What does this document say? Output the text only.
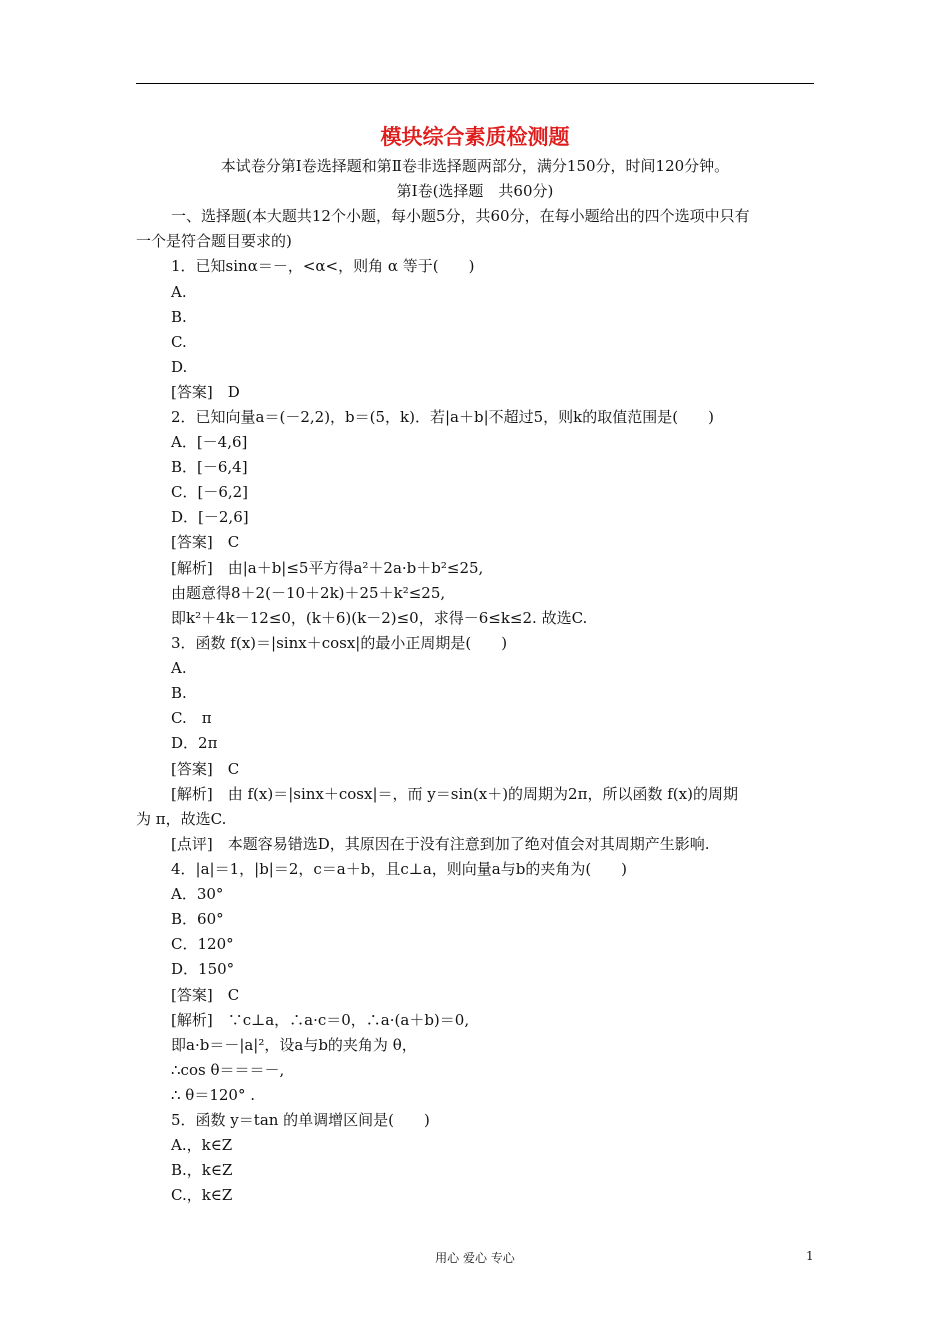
模块综合素质检测题
本试卷分第Ⅰ卷选择题和第Ⅱ卷非选择题两部分，满分150分，时间120分钟。
第Ⅰ卷(选择题　共60分)
一、选择题(本大题共12个小题，每小题5分，共60分，在每小题给出的四个选项中只有
一个是符合题目要求的)
1．已知sinα＝－，<α<，则角 α 等于(　　)
A.
B.
C.
D.
[答案]　D
2．已知向量a＝(－2,2)，b＝(5，k)．若|a＋b|不超过5，则k的取值范围是(　　)
A．[－4,6]
B．[－6,4]
C．[－6,2]
D．[－2,6]
[答案]　C
[解析]　由|a＋b|≤5平方得a²＋2a·b＋b²≤25,
由题意得8＋2(－10＋2k)＋25＋k²≤25,
即k²＋4k－12≤0，(k＋6)(k－2)≤0，求得－6≤k≤2. 故选C.
3．函数 f(x)＝|sinx＋cosx|的最小正周期是(　　)
A.
B.
C.　π
D．2π
[答案]　C
[解析]　由 f(x)＝|sinx＋cosx|＝，而 y＝sin(x＋)的周期为2π，所以函数 f(x)的周期
为 π，故选C.
[点评]　本题容易错选D，其原因在于没有注意到加了绝对值会对其周期产生影响.
4．|a|＝1，|b|＝2，c＝a＋b，且c⊥a，则向量a与b的夹角为(　　)
A．30°
B．60°
C．120°
D．150°
[答案]　C
[解析]　∵c⊥a，∴a·c＝0，∴a·(a＋b)＝0,
即a·b＝－|a|²，设a与b的夹角为 θ，
∴cos θ＝＝＝－,
∴ θ＝120° .
5．函数 y＝tan 的单调增区间是(　　)
A.，k∈Z
B.，k∈Z
C.，k∈Z
用心 爱心 专心	1
